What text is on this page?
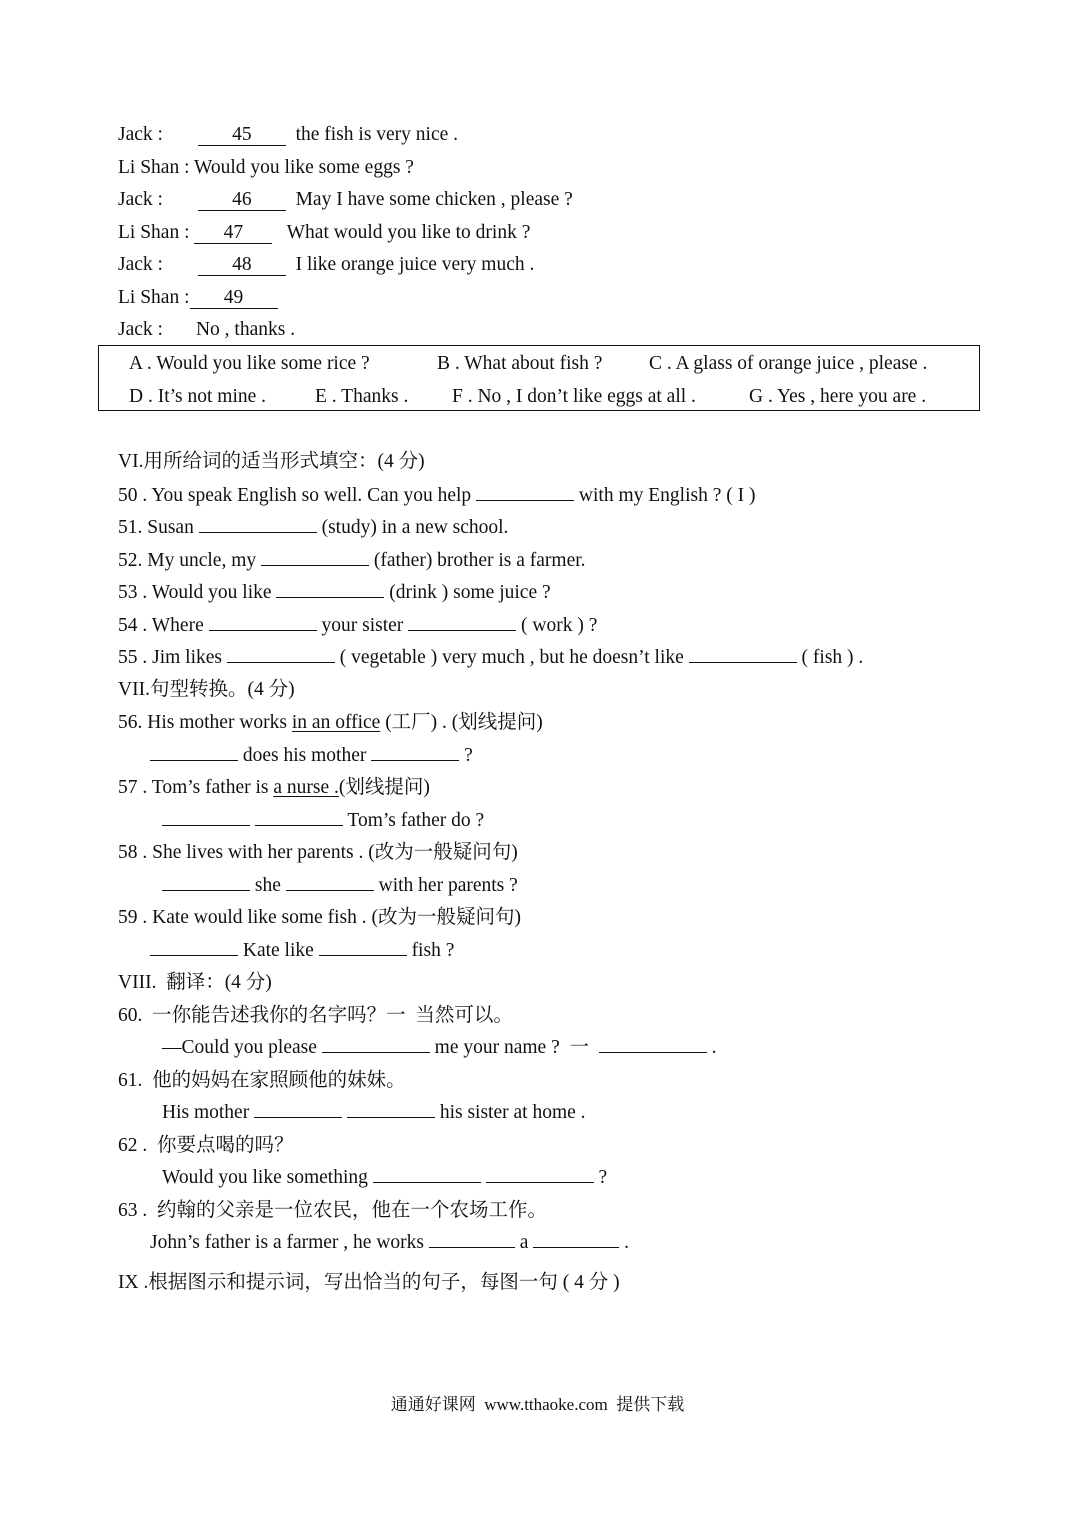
Jack :	45 the fish is very nice .
Li Shan : Would you like some eggs ?
Jack :	46 May I have some chicken , please ?
Li Shan : 47 What would you like to drink ?
Jack :	48 I like orange juice very much .
Li Shan : 49
Jack : No , thanks .
A . Would you like some rice ?	B . What about fish ? C . A glass of orange juice , please .
D . It’s not mine .	E . Thanks . F . No , I don’t like eggs at all .	G . Yes , here you are .
VI.用所给词的适当形式填空：(4 分)
50 . You speak English so well. Can you help	with my English ? ( I )
51. Susan	(study) in a new school.
52. My uncle, my	(father) brother is a farmer.
53 . Would you like	(drink ) some juice ?
54 . Where	your sister	( work ) ?
55 . Jim likes	( vegetable ) very much , but he doesn’t like	( fish ) .
VII.句型转换。(4 分)
56. His mother works in an office (工厂) . (划线提问)
does his mother	?
57 . Tom’s father is a nurse .(划线提问)
Tom’s father do ?
58 . She lives with her parents . (改为一般疑问句)
she	with her parents ?
59 . Kate would like some fish . (改为一般疑问句)
Kate like	fish ?
VIII.  翻译：(4 分)
60.  一你能告述我你的名字吗？一  当然可以。
—Could you please	me your name ?  一	.
61.  他的妈妈在家照顾他的妹妹。
His mother	his sister at home .
62 .  你要点喝的吗？
Would you like something	?
63 .  约翰的父亲是一位农民，他在一个农场工作。
John’s father is a farmer , he works	a	.
IX .根据图示和提示词，写出恰当的句子，每图一句 ( 4 分 )
通通好课网  www.tthaoke.com  提供下载
